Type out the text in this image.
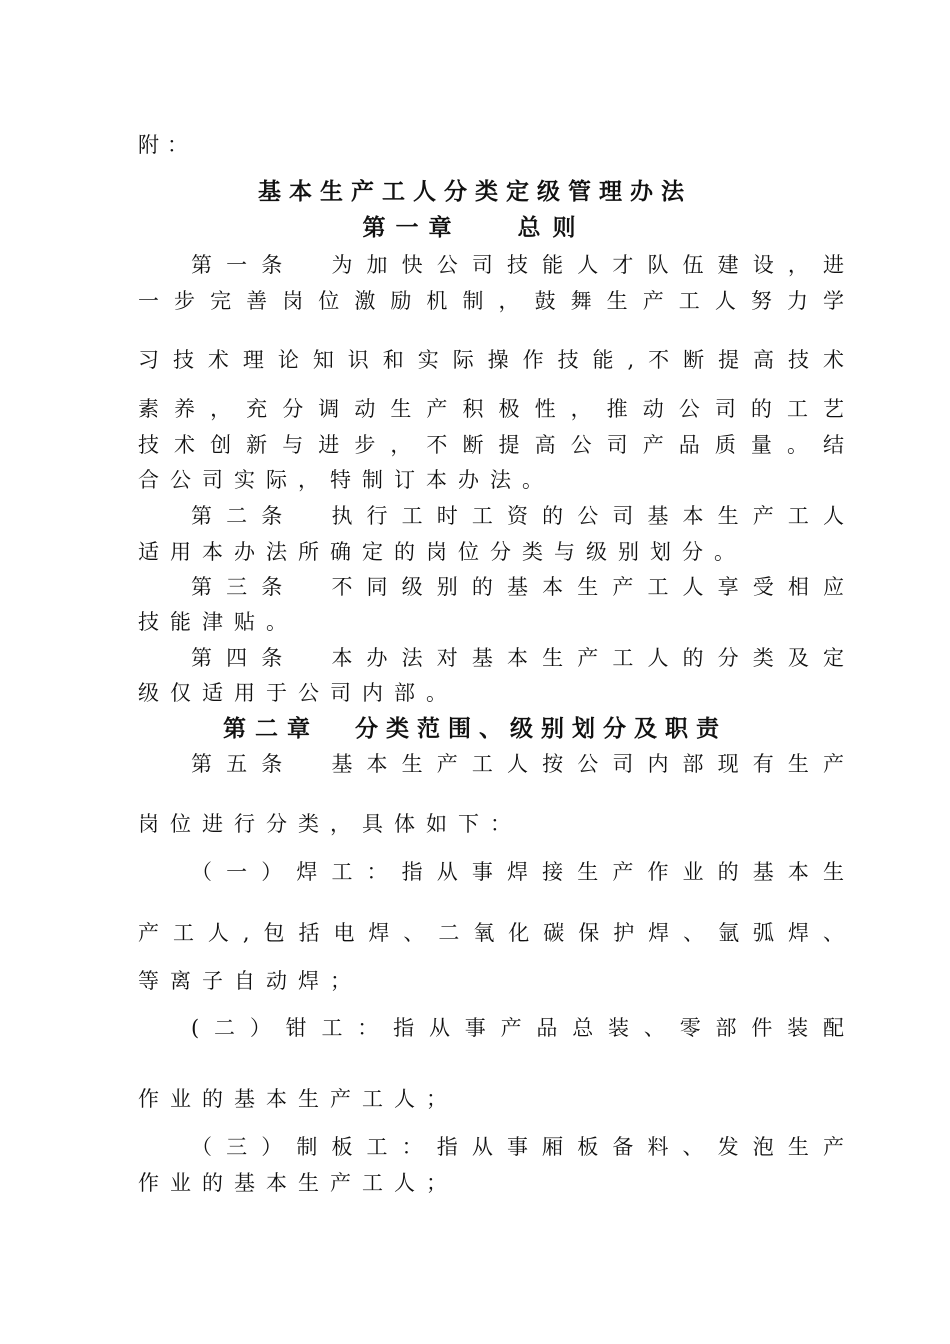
附：
基本生产工人分类定级管理办法
第一章 总则
第一条　为加快公司技能人才队伍建设，进
一步完善岗位激励机制，鼓舞生产工人努力学
习技术理论知识和实际操作技能,不断提高技术
素养，充分调动生产积极性，推动公司的工艺
技术创新与进步，不断提高公司产品质量。结
合公司实际，特制订本办法。
第二条　执行工时工资的公司基本生产工人
适用本办法所确定的岗位分类与级别划分。
第三条　不同级别的基本生产工人享受相应
技能津贴。
第四条　本办法对基本生产工人的分类及定
级仅适用于公司内部。
第二章 分类范围、级别划分及职责
第五条　基本生产工人按公司内部现有生产
岗位进行分类，具体如下：
（一）焊工：指从事焊接生产作业的基本生
产工人,包括电焊、二氧化碳保护焊、氩弧焊、
等离子自动焊；
(二）钳工：指从事产品总装、零部件装配
作业的基本生产工人；
（三）制板工：指从事厢板备料、发泡生产
作业的基本生产工人；
